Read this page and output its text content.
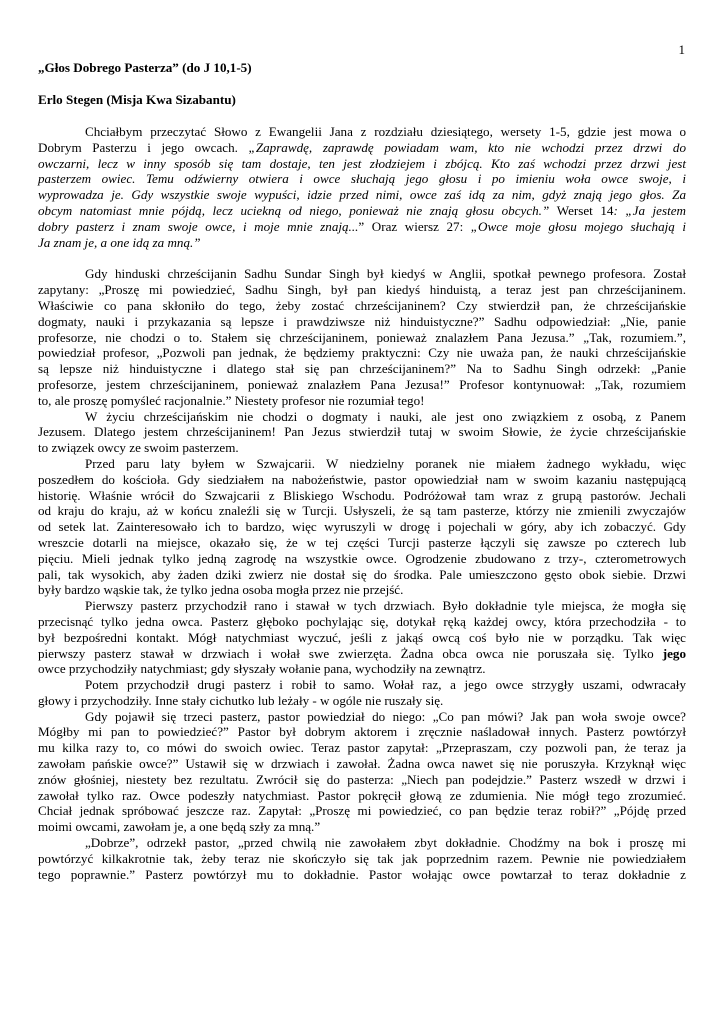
1
„Głos Dobrego Pasterza” (do J 10,1-5)
Erlo Stegen (Misja Kwa Sizabantu)
Chciałbym przeczytać Słowo z Ewangelii Jana z rozdziału dziesiątego, wersety 1-5, gdzie jest mowa o
Dobrym Pasterzu i jego owcach. „Zaprawdę, zaprawdę powiadam wam, kto nie wchodzi przez drzwi do
owczarni, lecz w inny sposób się tam dostaje, ten jest złodziejem i zbójcą. Kto zaś wchodzi przez drzwi jest
pasterzem owiec. Temu odźwierny otwiera i owce słuchają jego głosu i po imieniu woła owce swoje, i
wyprowadza je. Gdy wszystkie swoje wypuści, idzie przed nimi, owce zaś idą za nim, gdyż znają jego głos. Za
obcym natomiast mnie pójdą, lecz uciekną od niego, ponieważ nie znają głosu obcych.” Werset 14: „Ja jestem
dobry pasterz i znam swoje owce, i moje mnie znają...” Oraz wiersz 27: „Owce moje głosu mojego słuchają i
Ja znam je, a one idą za mną.”
Gdy hinduski chrześcijanin Sadhu Sundar Singh był kiedyś w Anglii, spotkał pewnego profesora. Został
zapytany: „Proszę mi powiedzieć, Sadhu Singh, był pan kiedyś hinduistą, a teraz jest pan chrześcijaninem.
Właściwie co pana skłoniło do tego, żeby zostać chrześcijaninem? Czy stwierdził pan, że chrześcijańskie
dogmaty, nauki i przykazania są lepsze i prawdziwsze niż hinduistyczne?” Sadhu odpowiedział: „Nie, panie
profesorze, nie chodzi o to. Stałem się chrześcijaninem, ponieważ znalazłem Pana Jezusa.” „Tak, rozumiem.”,
powiedział profesor, „Pozwoli pan jednak, że będziemy praktyczni: Czy nie uważa pan, że nauki chrześcijańskie
są lepsze niż hinduistyczne i dlatego stał się pan chrześcijaninem?” Na to Sadhu Singh odrzekł: „Panie
profesorze, jestem chrześcijaninem, ponieważ znalazłem Pana Jezusa!” Profesor kontynuował: „Tak, rozumiem
to, ale proszę pomyśleć racjonalnie.” Niestety profesor nie rozumiał tego!
W życiu chrześcijańskim nie chodzi o dogmaty i nauki, ale jest ono związkiem z osobą, z Panem
Jezusem. Dlatego jestem chrześcijaninem! Pan Jezus stwierdził tutaj w swoim Słowie, że życie chrześcijańskie
to związek owcy ze swoim pasterzem.
Przed paru laty byłem w Szwajcarii. W niedzielny poranek nie miałem żadnego wykładu, więc
poszedłem do kościoła. Gdy siedziałem na nabożeństwie, pastor opowiedział nam w swoim kazaniu następującą
historię. Właśnie wrócił do Szwajcarii z Bliskiego Wschodu. Podróżował tam wraz z grupą pastorów. Jechali
od kraju do kraju, aż w końcu znaleźli się w Turcji. Usłyszeli, że są tam pasterze, którzy nie zmienili zwyczajów
od setek lat. Zainteresowało ich to bardzo, więc wyruszyli w drogę i pojechali w góry, aby ich zobaczyć. Gdy
wreszcie dotarli na miejsce, okazało się, że w tej części Turcji pasterze łączyli się zawsze po czterech lub
pięciu. Mieli jednak tylko jedną zagrodę na wszystkie owce. Ogrodzenie zbudowano z trzy-, czterometrowych
pali, tak wysokich, aby żaden dziki zwierz nie dostał się do środka. Pale umieszczono gęsto obok siebie. Drzwi
były bardzo wąskie tak, że tylko jedna osoba mogła przez nie przejść.
Pierwszy pasterz przychodził rano i stawał w tych drzwiach. Było dokładnie tyle miejsca, że mogła się
przecisnąć tylko jedna owca. Pasterz głęboko pochylając się, dotykał ręką każdej owcy, która przechodziła - to
był bezpośredni kontakt. Mógł natychmiast wyczuć, jeśli z jakąś owcą coś było nie w porządku. Tak więc
pierwszy pasterz stawał w drzwiach i wołał swe zwierzęta. Żadna obca owca nie poruszała się. Tylko jego
owce przychodziły natychmiast; gdy słyszały wołanie pana, wychodziły na zewnątrz.
Potem przychodził drugi pasterz i robił to samo. Wołał raz, a jego owce strzygły uszami, odwracały
głowy i przychodziły. Inne stały cichutko lub leżały - w ogóle nie ruszały się.
Gdy pojawił się trzeci pasterz, pastor powiedział do niego: „Co pan mówi? Jak pan woła swoje owce?
Mógłby mi pan to powiedzieć?” Pastor był dobrym aktorem i zręcznie naśladował innych. Pasterz powtórzył
mu kilka razy to, co mówi do swoich owiec. Teraz pastor zapytał: „Przepraszam, czy pozwoli pan, że teraz ja
zawołam pańskie owce?” Ustawił się w drzwiach i zawołał. Żadna owca nawet się nie poruszyła. Krzyknął więc
znów głośniej, niestety bez rezultatu. Zwrócił się do pasterza: „Niech pan podejdzie.” Pasterz wszedł w drzwi i
zawołał tylko raz. Owce podeszły natychmiast. Pastor pokręcił głową ze zdumienia. Nie mógł tego zrozumieć.
Chciał jednak spróbować jeszcze raz. Zapytał: „Proszę mi powiedzieć, co pan będzie teraz robił?” „Pójdę przed
moimi owcami, zawołam je, a one będą szły za mną.”
„Dobrze”, odrzekł pastor, „przed chwilą nie zawołałem zbyt dokładnie. Chodźmy na bok i proszę mi
powtórzyć kilkakrotnie tak, żeby teraz nie skończyło się tak jak poprzednim razem. Pewnie nie powiedziałem
tego poprawnie.” Pasterz powtórzył mu to dokładnie. Pastor wołając owce powtarzał to teraz dokładnie z
